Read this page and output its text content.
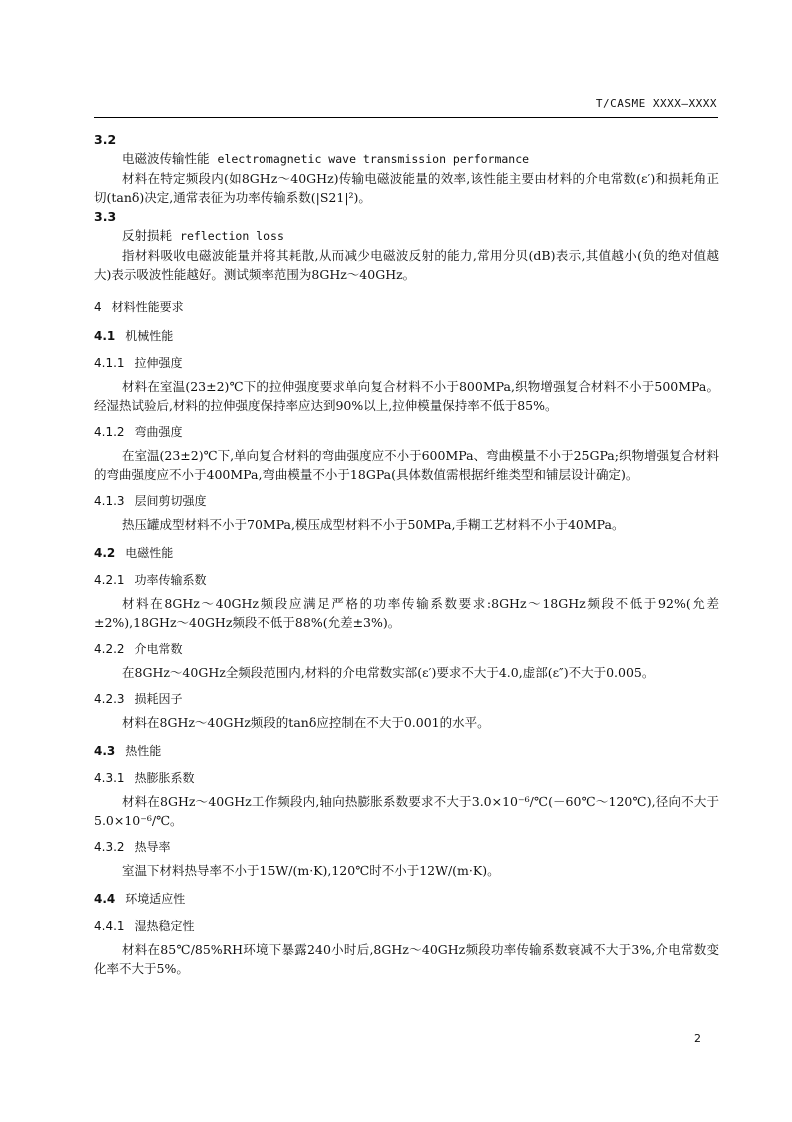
T/CASME XXXX—XXXX
3.2
电磁波传输性能 electromagnetic wave transmission performance
材料在特定频段内(如8GHz～40GHz)传输电磁波能量的效率,该性能主要由材料的介电常数(ε′)和损耗角正切(tanδ)决定,通常表征为功率传输系数(|S21|²)。
3.3
反射损耗 reflection loss
指材料吸收电磁波能量并将其耗散,从而减少电磁波反射的能力,常用分贝(dB)表示,其值越小(负的绝对值越大)表示吸波性能越好。测试频率范围为8GHz～40GHz。
4 材料性能要求
4.1 机械性能
4.1.1 拉伸强度
材料在室温(23±2)℃下的拉伸强度要求单向复合材料不小于800MPa,织物增强复合材料不小于500MPa。经湿热试验后,材料的拉伸强度保持率应达到90%以上,拉伸模量保持率不低于85%。
4.1.2 弯曲强度
在室温(23±2)℃下,单向复合材料的弯曲强度应不小于600MPa、弯曲模量不小于25GPa;织物增强复合材料的弯曲强度应不小于400MPa,弯曲模量不小于18GPa(具体数值需根据纤维类型和铺层设计确定)。
4.1.3 层间剪切强度
热压罐成型材料不小于70MPa,模压成型材料不小于50MPa,手糊工艺材料不小于40MPa。
4.2 电磁性能
4.2.1 功率传输系数
材料在8GHz～40GHz频段应满足严格的功率传输系数要求:8GHz～18GHz频段不低于92%(允差±2%),18GHz～40GHz频段不低于88%(允差±3%)。
4.2.2 介电常数
在8GHz～40GHz全频段范围内,材料的介电常数实部(ε′)要求不大于4.0,虚部(ε″)不大于0.005。
4.2.3 损耗因子
材料在8GHz～40GHz频段的tanδ应控制在不大于0.001的水平。
4.3 热性能
4.3.1 热膨胀系数
材料在8GHz～40GHz工作频段内,轴向热膨胀系数要求不大于3.0×10⁻⁶/℃(－60℃～120℃),径向不大于5.0×10⁻⁶/℃。
4.3.2 热导率
室温下材料热导率不小于15W/(m·K),120℃时不小于12W/(m·K)。
4.4 环境适应性
4.4.1 湿热稳定性
材料在85℃/85%RH环境下暴露240小时后,8GHz～40GHz频段功率传输系数衰减不大于3%,介电常数变化率不大于5%。
2
